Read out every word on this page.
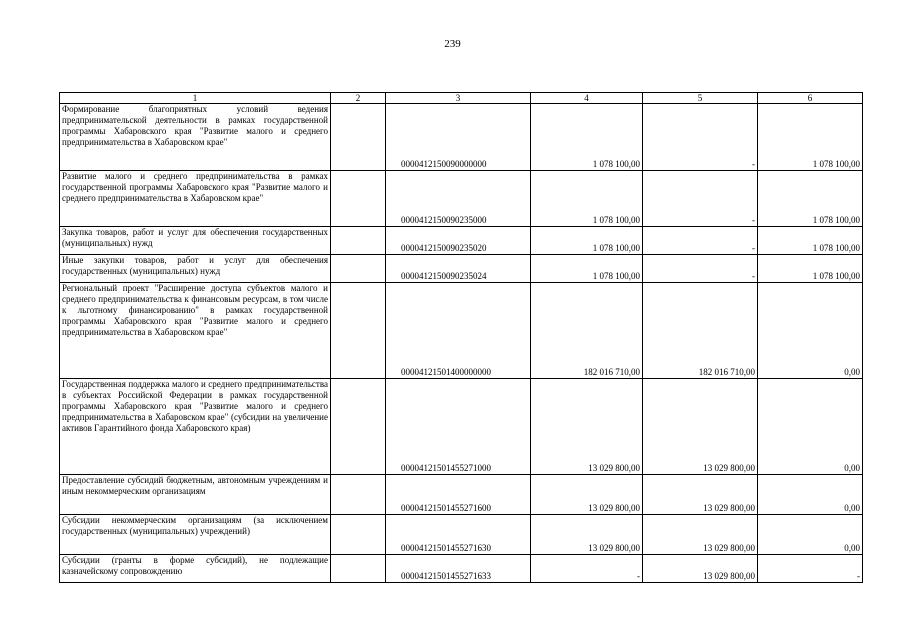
239
1	2	3	4	5	6
Формирование благоприятных условий ведения предпринимательской деятельности в рамках государственной программы Хабаровского края "Развитие малого и среднего предпринимательства в Хабаровском крае"		0000412150090000000	1 078 100,00	-	1 078 100,00
Развитие малого и среднего предпринимательства в рамках государственной программы Хабаровского края "Развитие малого и среднего предпринимательства в Хабаровском крае"		0000412150090235000	1 078 100,00	-	1 078 100,00
Закупка товаров, работ и услуг для обеспечения государственных (муниципальных) нужд		0000412150090235020	1 078 100,00	-	1 078 100,00
Иные закупки товаров, работ и услуг для обеспечения государственных (муниципальных) нужд		0000412150090235024	1 078 100,00	-	1 078 100,00
Региональный проект "Расширение доступа субъектов малого и среднего предпринимательства к финансовым ресурсам, в том числе к льготному финансированию" в рамках государственной программы Хабаровского края "Развитие малого и среднего предпринимательства в Хабаровском крае"		00004121501400000000	182 016 710,00	182 016 710,00	0,00
Государственная поддержка малого и среднего предпринимательства в субъектах Российской Федерации в рамках государственной программы Хабаровского края "Развитие малого и среднего предпринимательства в Хабаровском крае" (субсидии на увеличение активов Гарантийного фонда Хабаровского края)		00004121501455271000	13 029 800,00	13 029 800,00	0,00
Предоставление субсидий бюджетным, автономным учреждениям и иным некоммерческим организациям		00004121501455271600	13 029 800,00	13 029 800,00	0,00
Субсидии некоммерческим организациям (за исключением государственных (муниципальных) учреждений)		00004121501455271630	13 029 800,00	13 029 800,00	0,00
Субсидии (гранты в форме субсидий), не подлежащие казначейскому сопровождению		00004121501455271633	-	13 029 800,00	-
